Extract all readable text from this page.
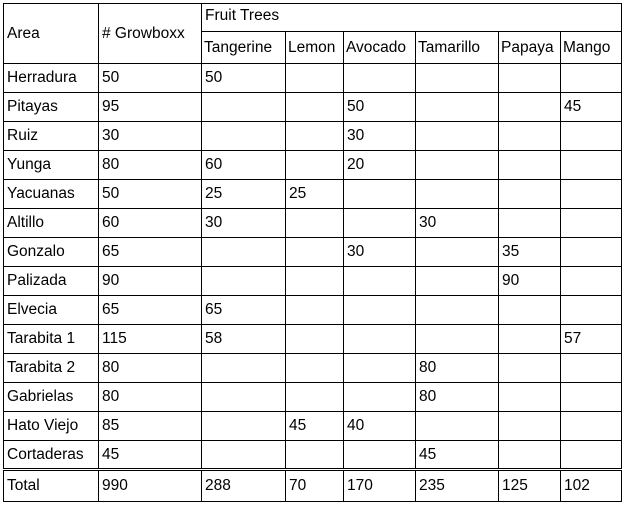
Area	# Growboxx	Fruit Trees					
		Tangerine	Lemon	Avocado	Tamarillo	Papaya	Mango
Herradura	50	50					
Pitayas	95			50			45
Ruiz	30			30			
Yunga	80	60		20			
Yacuanas	50	25	25				
Altillo	60	30			30		
Gonzalo	65			30		35	
Palizada	90					90	
Elvecia	65	65					
Tarabita 1	115	58					57
Tarabita 2	80				80		
Gabrielas	80				80		
Hato Viejo	85		45	40			
Cortaderas	45				45		
Total	990	288	70	170	235	125	102
